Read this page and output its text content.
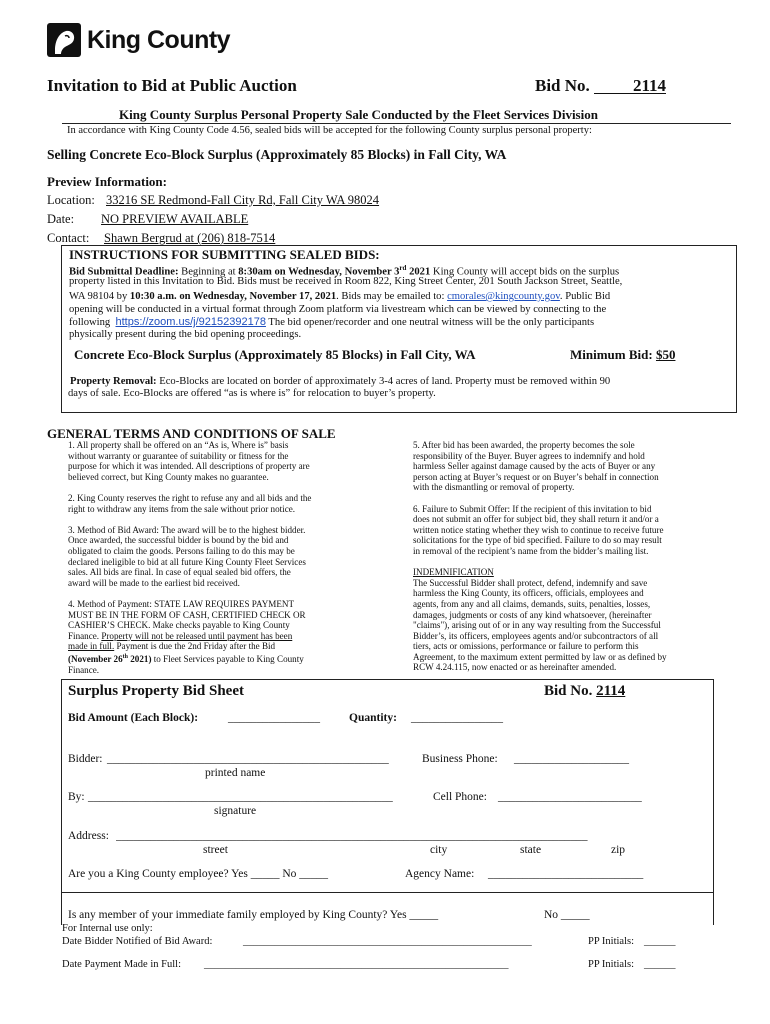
King County
Invitation to Bid at Public Auction	Bid No.	2114
King County Surplus Personal Property Sale Conducted by the Fleet Services Division
In accordance with King County Code 4.56, sealed bids will be accepted for the following County surplus personal property:
Selling Concrete Eco-Block Surplus (Approximately 85 Blocks) in Fall City, WA
Preview Information:
Location: 33216 SE Redmond-Fall City Rd, Fall City WA 98024
Date: NO PREVIEW AVAILABLE
Contact: Shawn Bergrud at (206) 818-7514
INSTRUCTIONS FOR SUBMITTING SEALED BIDS:
Bid Submittal Deadline: Beginning at 8:30am on Wednesday, November 3rd 2021 King County will accept bids on the surplus
property listed in this Invitation to Bid. Bids must be received in Room 822, King Street Center, 201 South Jackson Street, Seattle,
WA 98104 by 10:30 a.m. on Wednesday, November 17, 2021. Bids may be emailed to: cmorales@kingcounty.gov. Public Bid
opening will be conducted in a virtual format through Zoom platform via livestream which can be viewed by connecting to the
following https://zoom.us/j/92152392178 The bid opener/recorder and one neutral witness will be the only participants
physically present during the bid opening proceedings.
Concrete Eco-Block Surplus (Approximately 85 Blocks) in Fall City, WA	Minimum Bid: $50
Property Removal: Eco-Blocks are located on border of approximately 3-4 acres of land. Property must be removed within 90
days of sale. Eco-Blocks are offered “as is where is” for relocation to buyer’s property.
GENERAL TERMS AND CONDITIONS OF SALE
1. All property shall be offered on an “As is, Where is” basis
without warranty or guarantee of suitability or fitness for the
purpose for which it was intended. All descriptions of property are
believed correct, but King County makes no guarantee.
2. King County reserves the right to refuse any and all bids and the
right to withdraw any items from the sale without prior notice.
3. Method of Bid Award: The award will be to the highest bidder.
Once awarded, the successful bidder is bound by the bid and
obligated to claim the goods. Persons failing to do this may be
declared ineligible to bid at all future King County Fleet Services
sales. All bids are final. In case of equal sealed bid offers, the
award will be made to the earliest bid received.
4. Method of Payment: STATE LAW REQUIRES PAYMENT
MUST BE IN THE FORM OF CASH, CERTIFIED CHECK OR
CASHIER’S CHECK. Make checks payable to King County
Finance. Property will not be released until payment has been
made in full. Payment is due the 2nd Friday after the Bid
(November 26th 2021) to Fleet Services payable to King County
Finance.
5. After bid has been awarded, the property becomes the sole
responsibility of the Buyer. Buyer agrees to indemnify and hold
harmless Seller against damage caused by the acts of Buyer or any
person acting at Buyer’s request or on Buyer’s behalf in connection
with the dismantling or removal of property.
6. Failure to Submit Offer: If the recipient of this invitation to bid
does not submit an offer for subject bid, they shall return it and/or a
written notice stating whether they wish to continue to receive future
solicitations for the type of bid specified. Failure to do so may result
in removal of the recipient’s name from the bidder’s mailing list.
INDEMNIFICATION
The Successful Bidder shall protect, defend, indemnify and save
harmless the King County, its officers, officials, employees and
agents, from any and all claims, demands, suits, penalties, losses,
damages, judgments or costs of any kind whatsoever, (hereinafter
"claims"), arising out of or in any way resulting from the Successful
Bidder’s, its officers, employees agents and/or subcontractors of all
tiers, acts or omissions, performance or failure to perform this
Agreement, to the maximum extent permitted by law or as defined by
RCW 4.24.115, now enacted or as hereinafter amended.
Surplus Property Bid Sheet	Bid No. 2114
Bid Amount (Each Block):	________________	Quantity: ________________
Bidder: _________________________________________________	Business Phone: ____________________
printed name
By: _____________________________________________________	Cell Phone: _________________________
signature
Address: __________________________________________________________________________________
street	city	state	zip
Are you a King County employee? Yes _____ No _____	Agency Name: ___________________________
Is any member of your immediate family employed by King County? Yes _____	No _____
For Internal use only:
Date Bidder Notified of Bid Award:	_______________________________________________________	PP Initials: ______
Date Payment Made in Full: __________________________________________________________	PP Initials: ______
